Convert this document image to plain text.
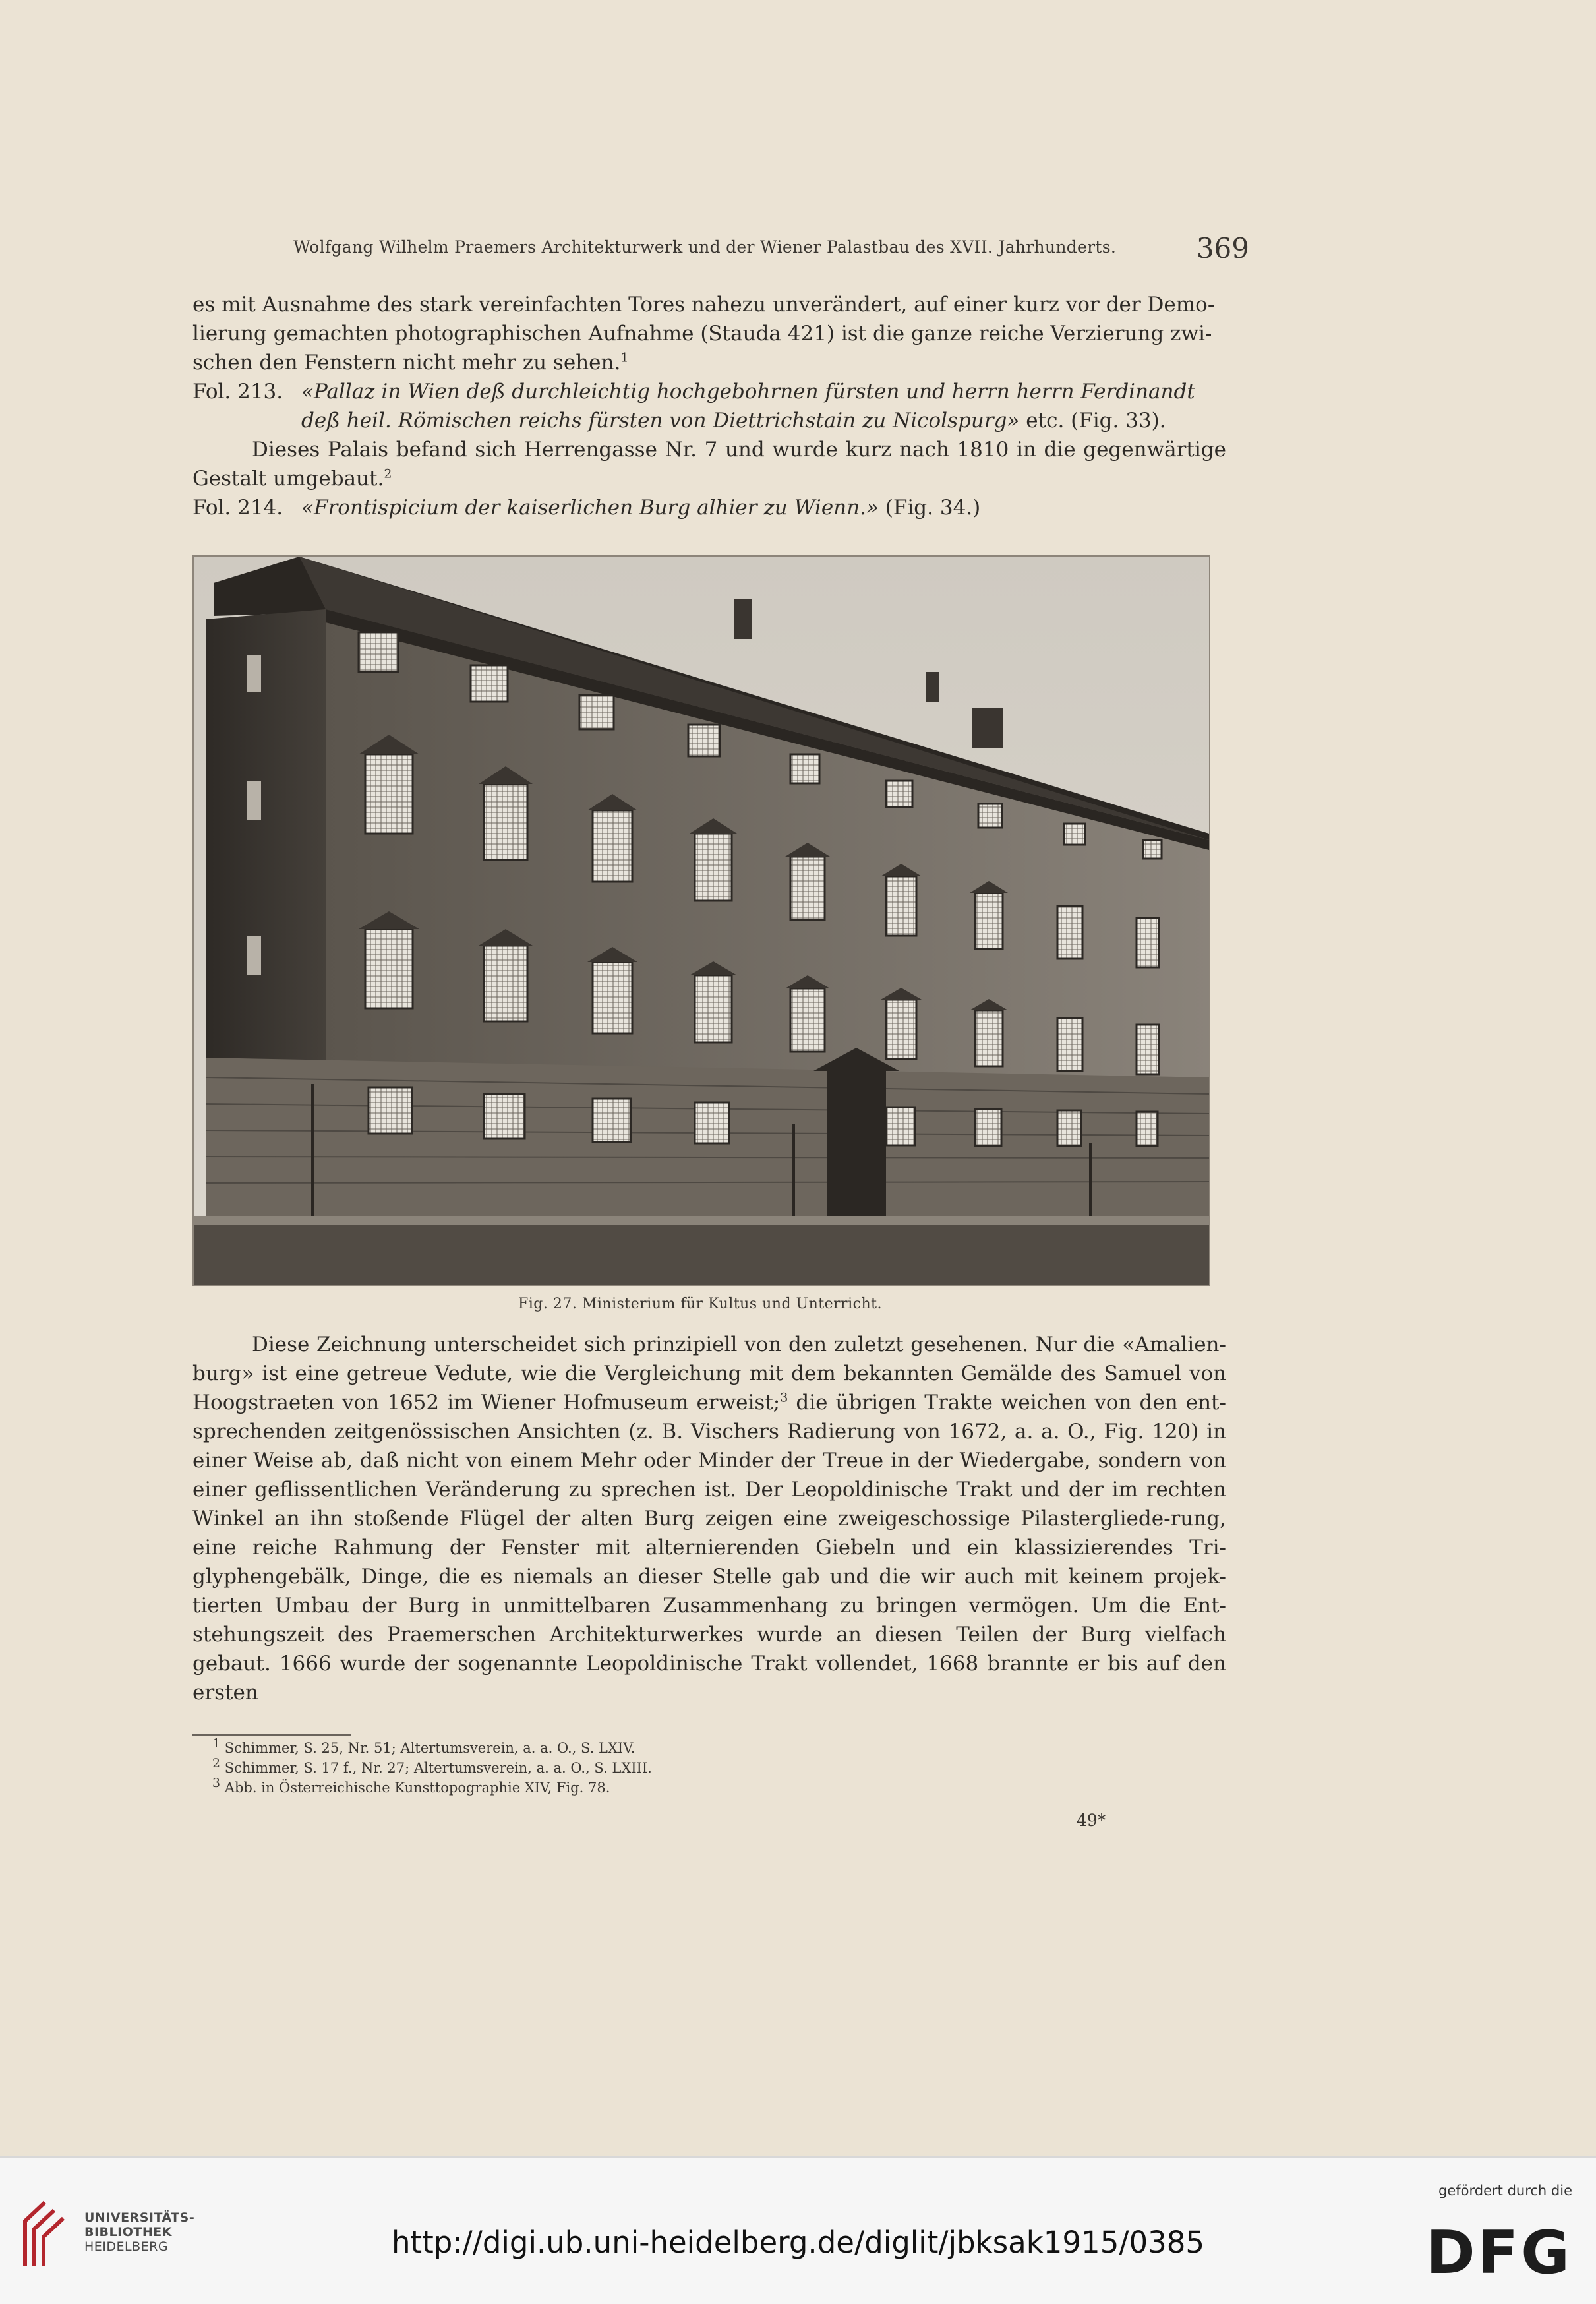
Wolfgang Wilhelm Praemers Architekturwerk und der Wiener Palastbau des XVII. Jahrhunderts.	369

es mit Ausnahme des stark vereinfachten Tores nahezu unverändert, auf einer kurz vor der Demo-

lierung gemachten photographischen Aufnahme (Stauda 421) ist die ganze reiche Verzierung zwi-

schen den Fenstern nicht mehr zu sehen.$^1$

Fol. 213. «Pallaz in Wien deß durchleichtig hochgebohrnen fürsten und herrn herrn Ferdinandt
deß heil. Römischen reichs fürsten von Diettrichstain zu Nicolspurg» etc. (Fig. 33).

Dieses Palais befand sich Herrengasse Nr. 7 und wurde kurz nach 1810 in die gegenwärtige Gestalt umgebaut.$^2$

Fol. 214. «Frontispicium der kaiserlichen Burg alhier zu Wienn.» (Fig. 34.)
Fig. 27. Ministerium für Kultus und Unterricht.
Diese Zeichnung unterscheidet sich prinzipiell von den zuletzt gesehenen. Nur die «Amalien-burg» ist eine getreue Vedute, wie die Vergleichung mit dem bekannten Gemälde des Samuel von Hoogstraeten von 1652 im Wiener Hofmuseum erweist;$^3$ die übrigen Trakte weichen von den ent-sprechenden zeitgenössischen Ansichten (z. B. Vischers Radierung von 1672, a. a. O., Fig. 120) in einer Weise ab, daß nicht von einem Mehr oder Minder der Treue in der Wiedergabe, sondern von einer geflissentlichen Veränderung zu sprechen ist. Der Leopoldinische Trakt und der im rechten Winkel an ihn stoßende Flügel der alten Burg zeigen eine zweigeschossige Pilastergliede-rung, eine reiche Rahmung der Fenster mit alternierenden Giebeln und ein klassizierendes Tri-glyphengebälk, Dinge, die es niemals an dieser Stelle gab und die wir auch mit keinem projek-tierten Umbau der Burg in unmittelbaren Zusammenhang zu bringen vermögen. Um die Ent-stehungszeit des Praemerschen Architekturwerkes wurde an diesen Teilen der Burg vielfach gebaut. 1666 wurde der sogenannte Leopoldinische Trakt vollendet, 1668 brannte er bis auf den ersten
$^1$ Schimmer, S. 25, Nr. 51; Altertumsverein, a. a. O., S. LXIV.
$^2$ Schimmer, S. 17 f., Nr. 27; Altertumsverein, a. a. O., S. LXIII.
$^3$ Abb. in Österreichische Kunsttopographie XIV, Fig. 78.
49*
UNIVERSITÄTS-
BIBLIOTHEK
HEIDELBERG	http://digi.ub.uni-heidelberg.de/diglit/jbksak1915/0385
gefördert durch die
DFG
